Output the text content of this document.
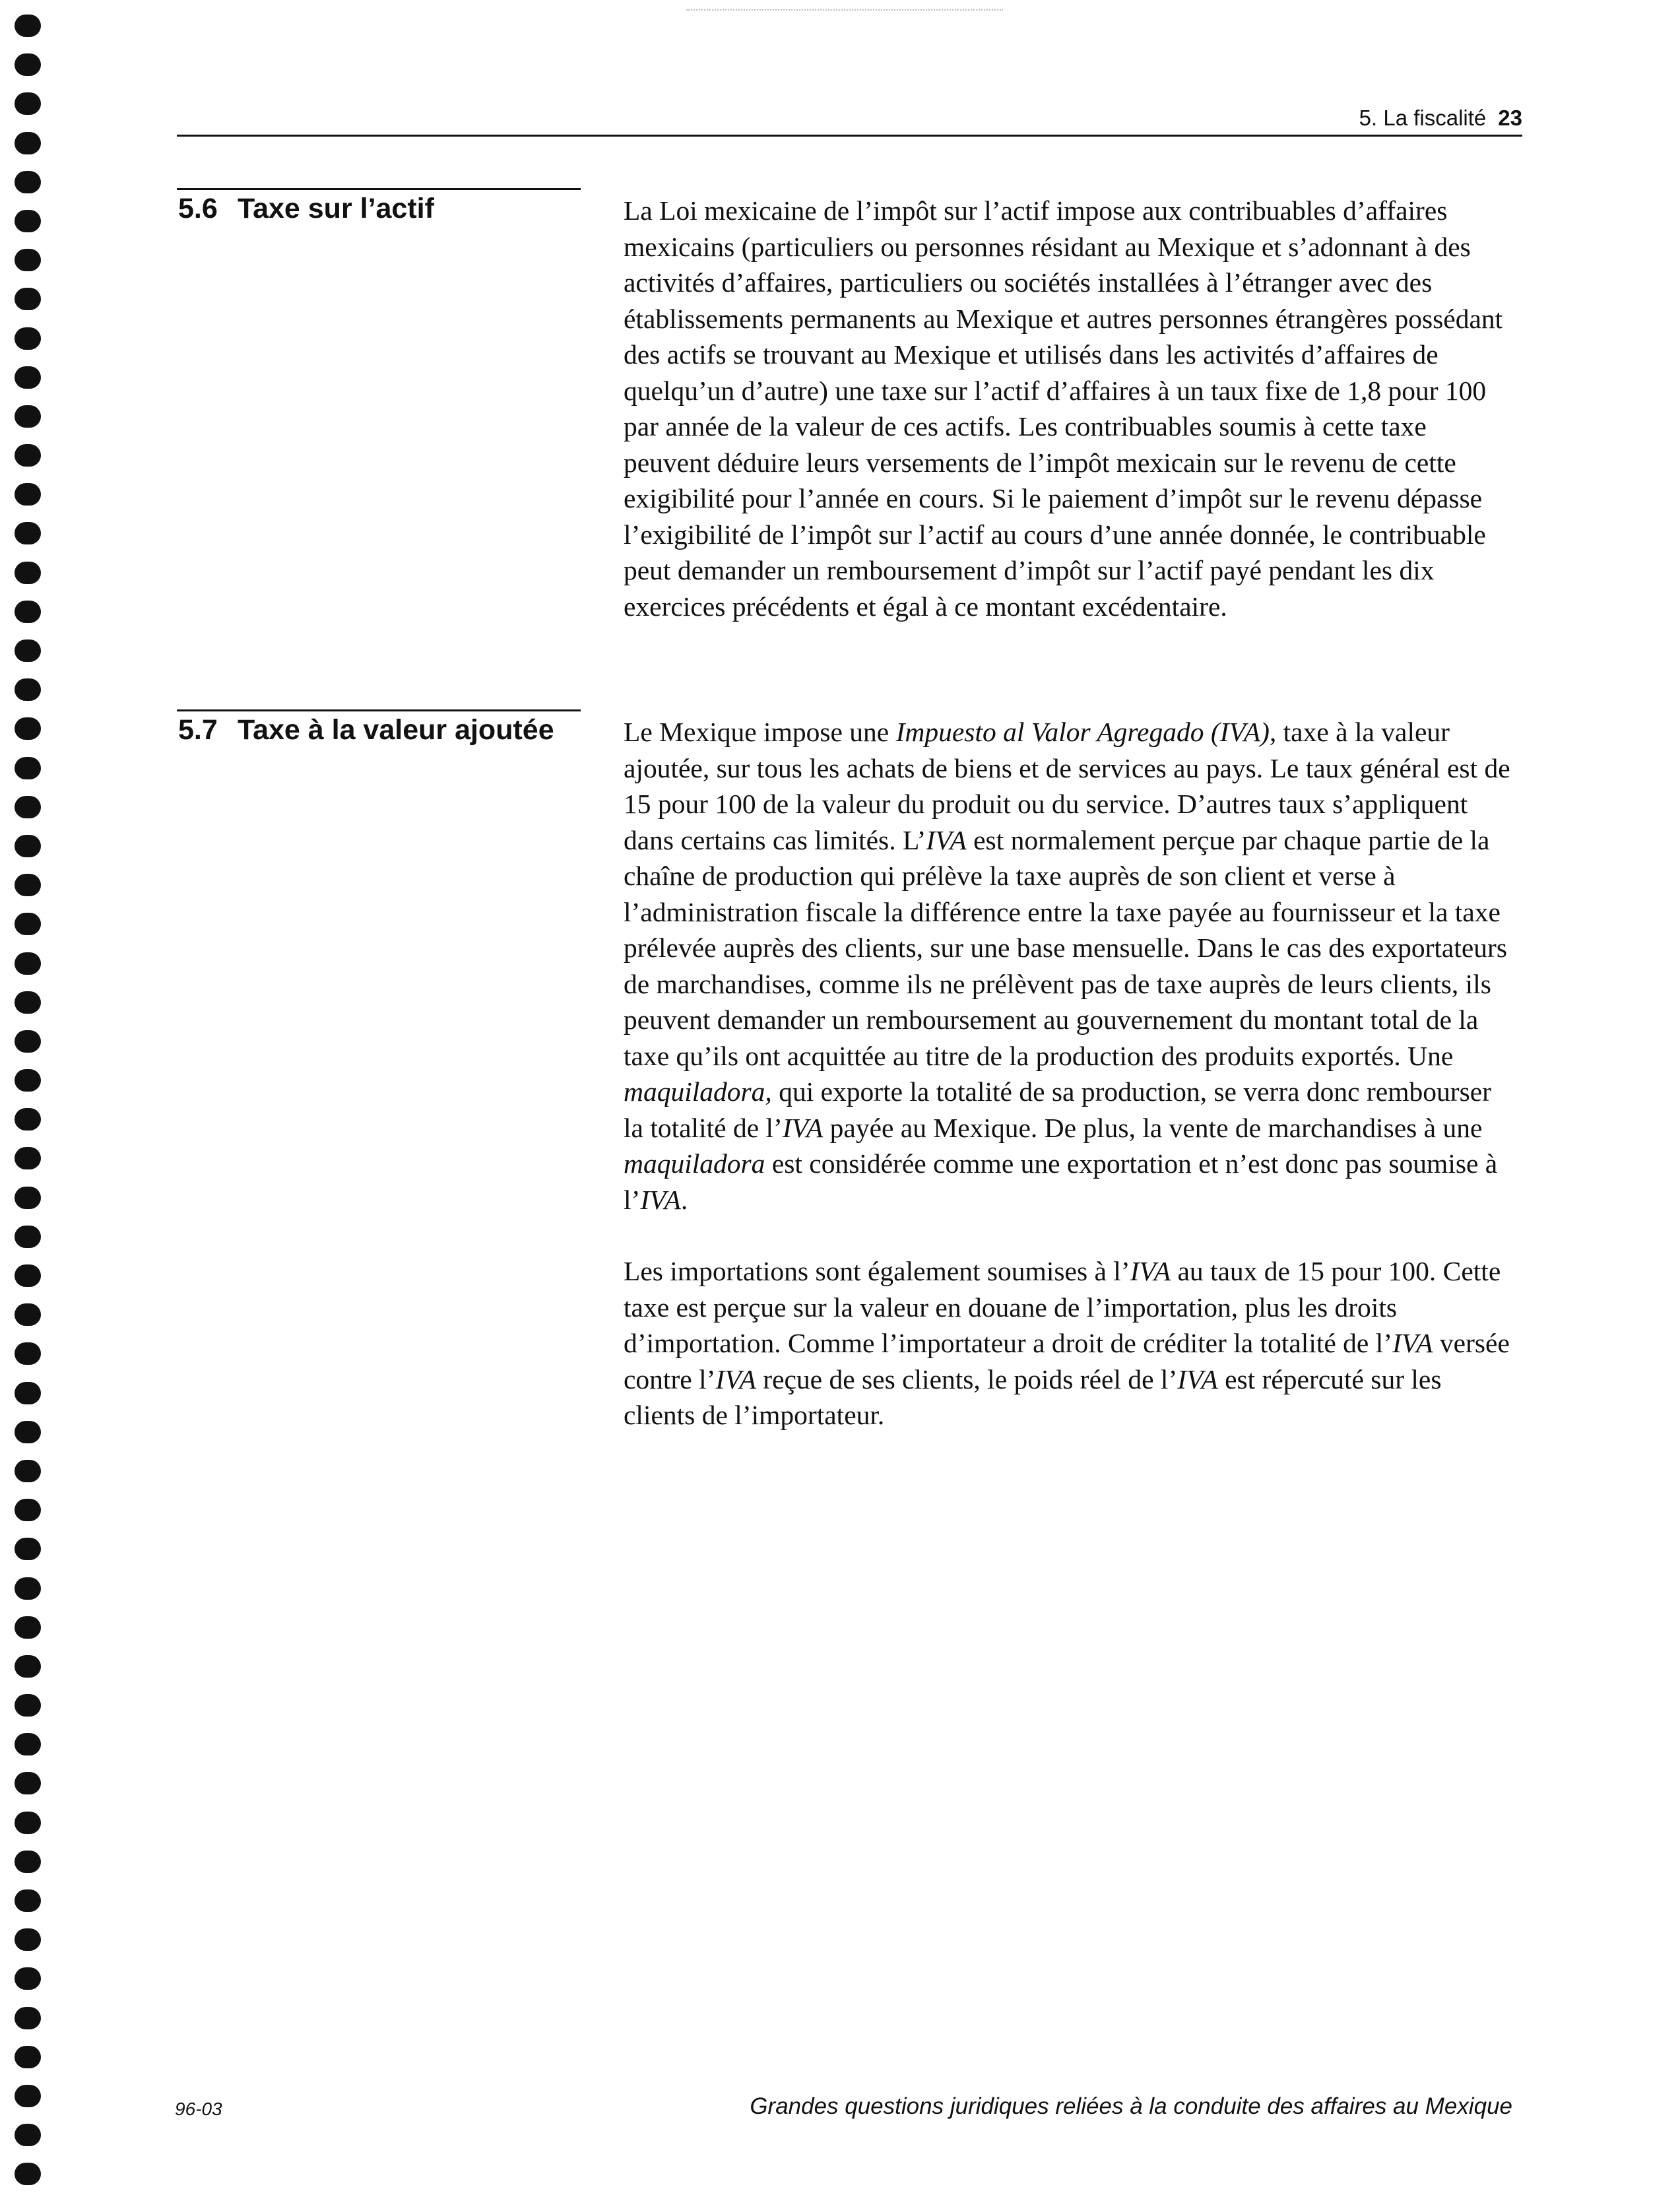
5. La fiscalité 23
5.6 Taxe sur l’actif	La Loi mexicaine de l’impôt sur l’actif impose aux contribuables d’affaires mexicains (particuliers ou personnes résidant au Mexique et s’adonnant à des activités d’affaires, particuliers ou sociétés installées à l’étranger avec des établissements permanents au Mexique et autres personnes étrangères possédant des actifs se trouvant au Mexique et utilisés dans les activités d’affaires de quelqu’un d’autre) une taxe sur l’actif d’affaires à un taux fixe de 1,8 pour 100 par année de la valeur de ces actifs. Les contribuables soumis à cette taxe peuvent déduire leurs versements de l’impôt mexicain sur le revenu de cette exigibilité pour l’année en cours. Si le paiement d’impôt sur le revenu dépasse l’exigibilité de l’impôt sur l’actif au cours d’une année donnée, le contribuable peut demander un remboursement d’impôt sur l’actif payé pendant les dix exercices précédents et égal à ce montant excédentaire.

5.7 Taxe à la valeur ajoutée	Le Mexique impose une Impuesto al Valor Agregado (IVA), taxe à la valeur ajoutée, sur tous les achats de biens et de services au pays. Le taux général est de 15 pour 100 de la valeur du produit ou du service. D’autres taux s’appliquent dans certains cas limités. L’IVA est normalement perçue par chaque partie de la chaîne de production qui prélève la taxe auprès de son client et verse à l’administration fiscale la différence entre la taxe payée au fournisseur et la taxe prélevée auprès des clients, sur une base mensuelle. Dans le cas des exportateurs de marchandises, comme ils ne prélèvent pas de taxe auprès de leurs clients, ils peuvent demander un remboursement au gouvernement du montant total de la taxe qu’ils ont acquittée au titre de la production des produits exportés. Une maquiladora, qui exporte la totalité de sa production, se verra donc rembourser la totalité de l’IVA payée au Mexique. De plus, la vente de marchandises à une maquiladora est considérée comme une exportation et n’est donc pas soumise à l’IVA.

Les importations sont également soumises à l’IVA au taux de 15 pour 100. Cette taxe est perçue sur la valeur en douane de l’importation, plus les droits d’importation. Comme l’importateur a droit de créditer la totalité de l’IVA versée contre l’IVA reçue de ses clients, le poids réel de l’IVA est répercuté sur les clients de l’importateur.

96-03	Grandes questions juridiques reliées à la conduite des affaires au Mexique
